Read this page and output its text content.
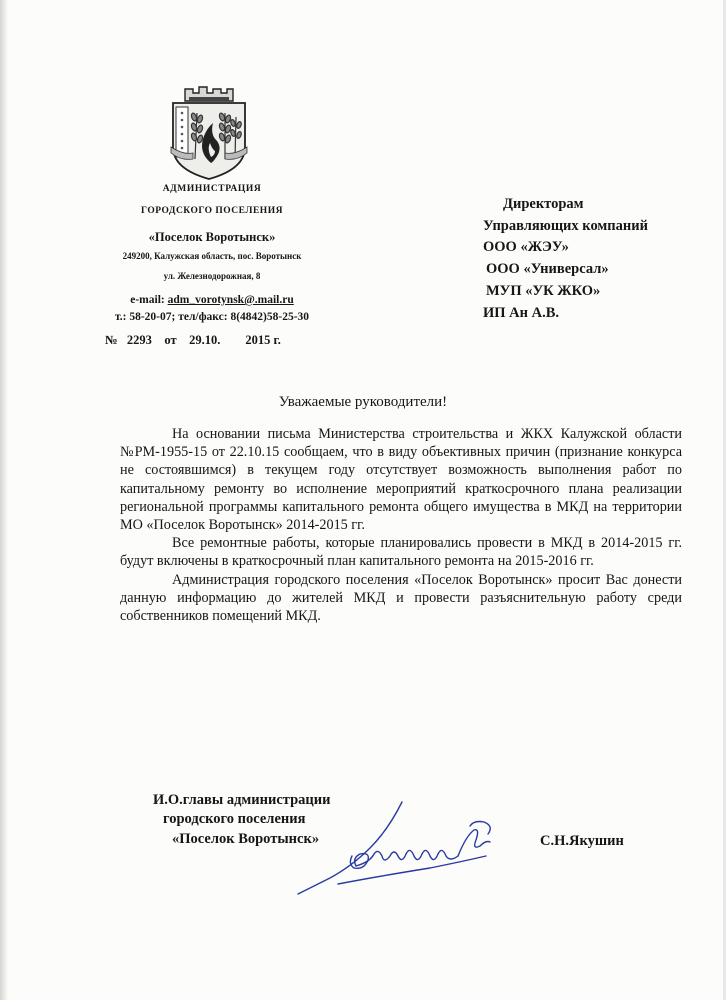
АДМИНИСТРАЦИЯ
ГОРОДСКОГО ПОСЕЛЕНИЯ
«Поселок Воротынск»
249200, Калужская область, пос. Воротынск
ул. Железнодорожная, 8
e-mail: adm_vorotynsk@.mail.ru
т.: 58-20-07; тел/факс: 8(4842)58-25-30
№   2293    от    29.10.        2015 г.
Директорам
Управляющих компаний
ООО «ЖЭУ»
ООО «Универсал»
МУП «УК ЖКО»
ИП Ан А.В.
Уважаемые руководители!

На основании письма Министерства строительства и ЖКХ Калужской области №РМ-1955-15 от 22.10.15 сообщаем, что в виду объективных причин (признание конкурса не состоявшимся) в текущем году отсутствует возможность выполнения работ по капитальному ремонту во исполнение мероприятий краткосрочного плана реализации региональной программы капитального ремонта общего имущества в МКД на территории МО «Поселок Воротынск» 2014-2015 гг.

Все ремонтные работы, которые планировались провести в МКД в 2014-2015 гг. будут включены в краткосрочный план капитального ремонта на 2015-2016 гг.

Администрация городского поселения «Поселок Воротынск» просит Вас донести данную информацию до жителей МКД и провести разъяснительную работу среди собственников помещений МКД.

И.О.главы администрации
городского поселения
«Поселок Воротынск»	С.Н.Якушин
